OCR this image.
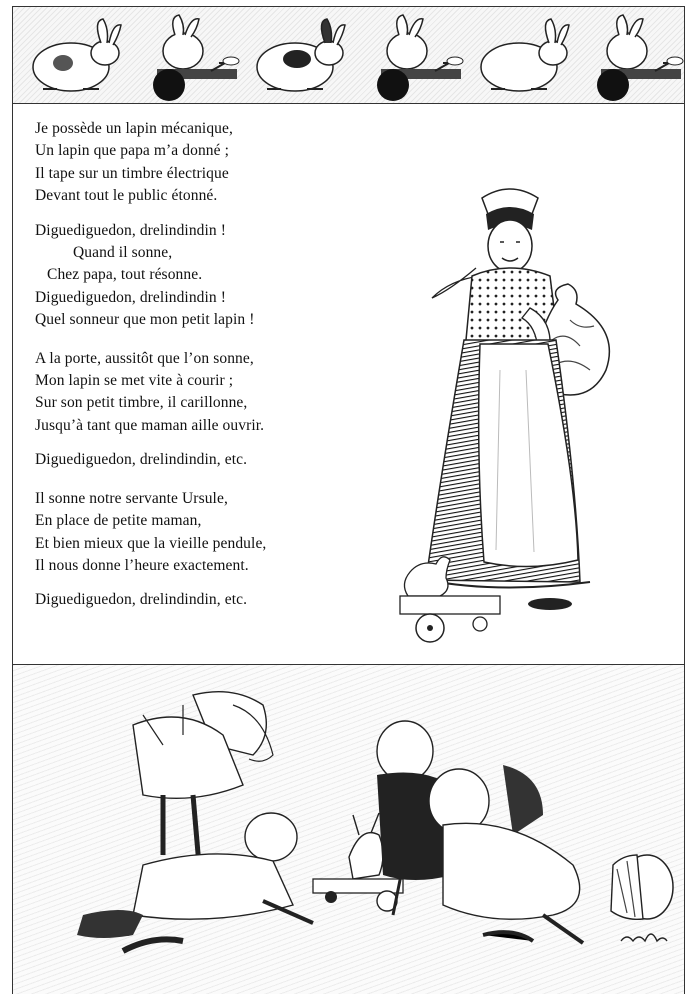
Je possède un lapin mécanique,
Un lapin que papa m’a donné ;
Il tape sur un timbre électrique
Devant tout le public étonné.
Diguediguedon, drelindindin !
Quand il sonne,
Chez papa, tout résonne.
Diguediguedon, drelindindin !
Quel sonneur que mon petit lapin !
A la porte, aussitôt que l’on sonne,
Mon lapin se met vite à courir ;
Sur son petit timbre, il carillonne,
Jusqu’à tant que maman aille ouvrir.
Diguediguedon, drelindindin, etc.
Il sonne notre servante Ursule,
En place de petite maman,
Et bien mieux que la vieille pendule,
Il nous donne l’heure exactement.
Diguediguedon, drelindindin, etc.
